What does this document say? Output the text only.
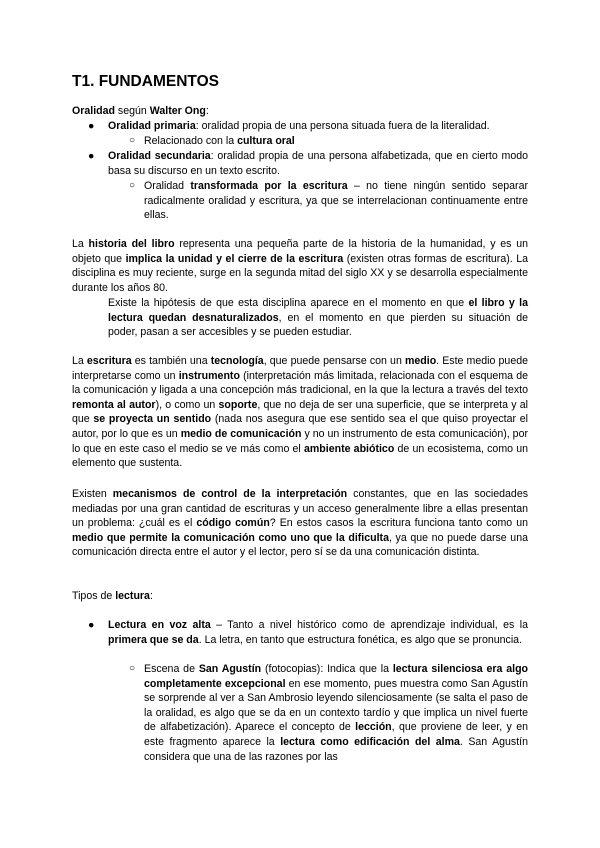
T1. FUNDAMENTOS
Oralidad según Walter Ong:
● Oralidad primaria: oralidad propia de una persona situada fuera de la literalidad.
○ Relacionado con la cultura oral
● Oralidad secundaria: oralidad propia de una persona alfabetizada, que en cierto modo basa su discurso en un texto escrito.
○ Oralidad transformada por la escritura – no tiene ningún sentido separar radicalmente oralidad y escritura, ya que se interrelacionan continuamente entre ellas.
La historia del libro representa una pequeña parte de la historia de la humanidad, y es un objeto que implica la unidad y el cierre de la escritura (existen otras formas de escritura). La disciplina es muy reciente, surge en la segunda mitad del siglo XX y se desarrolla especialmente durante los años 80.
Existe la hipótesis de que esta disciplina aparece en el momento en que el libro y la lectura quedan desnaturalizados, en el momento en que pierden su situación de poder, pasan a ser accesibles y se pueden estudiar.
La escritura es también una tecnología, que puede pensarse con un medio. Este medio puede interpretarse como un instrumento (interpretación más limitada, relacionada con el esquema de la comunicación y ligada a una concepción más tradicional, en la que la lectura a través del texto remonta al autor), o como un soporte, que no deja de ser una superficie, que se interpreta y al que se proyecta un sentido (nada nos asegura que ese sentido sea el que quiso proyectar el autor, por lo que es un medio de comunicación y no un instrumento de esta comunicación), por lo que en este caso el medio se ve más como el ambiente abiótico de un ecosistema, como un elemento que sustenta.
Existen mecanismos de control de la interpretación constantes, que en las sociedades mediadas por una gran cantidad de escrituras y un acceso generalmente libre a ellas presentan un problema: ¿cuál es el código común? En estos casos la escritura funciona tanto como un medio que permite la comunicación como uno que la dificulta, ya que no puede darse una comunicación directa entre el autor y el lector, pero sí se da una comunicación distinta.
Tipos de lectura:
● Lectura en voz alta – Tanto a nivel histórico como de aprendizaje individual, es la primera que se da. La letra, en tanto que estructura fonética, es algo que se pronuncia.
○ Escena de San Agustín (fotocopias): Indica que la lectura silenciosa era algo completamente excepcional en ese momento, pues muestra como San Agustín se sorprende al ver a San Ambrosio leyendo silenciosamente (se salta el paso de la oralidad, es algo que se da en un contexto tardío y que implica un nivel fuerte de alfabetización). Aparece el concepto de lección, que proviene de leer, y en este fragmento aparece la lectura como edificación del alma. San Agustín considera que una de las razones por las
